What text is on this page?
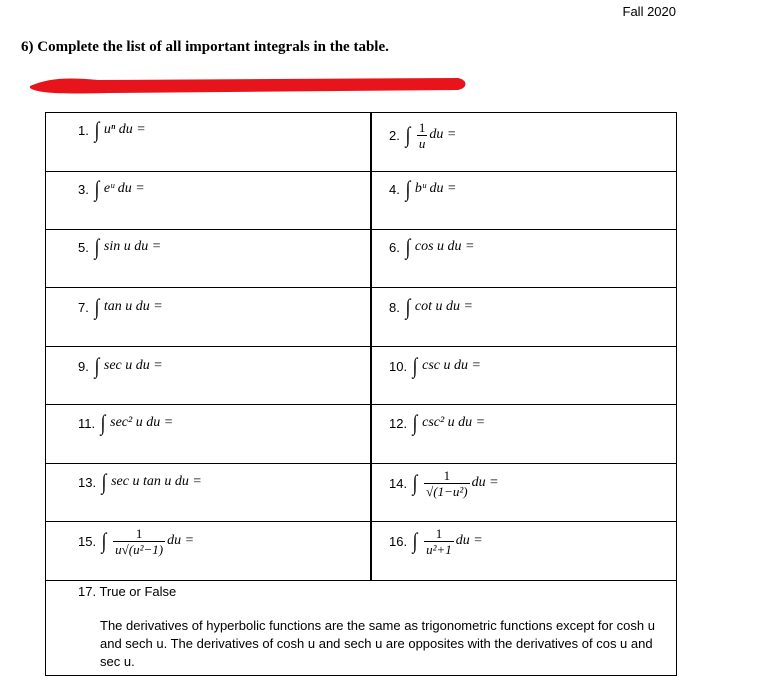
Fall 2020
6) Complete the list of all important integrals in the table.
1. ∫ uⁿ du =	2. ∫ $\frac{1}{u}$ du =
3. ∫ eᵘ du =	4. ∫ bᵘ du =
5. ∫ sin u du =	6. ∫ cos u du =
7. ∫ tan u du =	8. ∫ cot u du =
9. ∫ sec u du =	10. ∫ csc u du =
11. ∫ sec² u du =	12. ∫ csc² u du =
13. ∫ sec u tan u du =	14. ∫ $\frac{1}{\text{√(1−u²)}}$ du =
15. ∫ $\frac{1}{\text{u√(u²−1)}}$ du =	16. ∫ $\frac{1}{\text{u²+1}}$ du =
17. True or False
The derivatives of hyperbolic functions are the same as trigonometric functions except for cosh u and sech u. The derivatives of cosh u and sech u are opposites with the derivatives of cos u and sec u.
